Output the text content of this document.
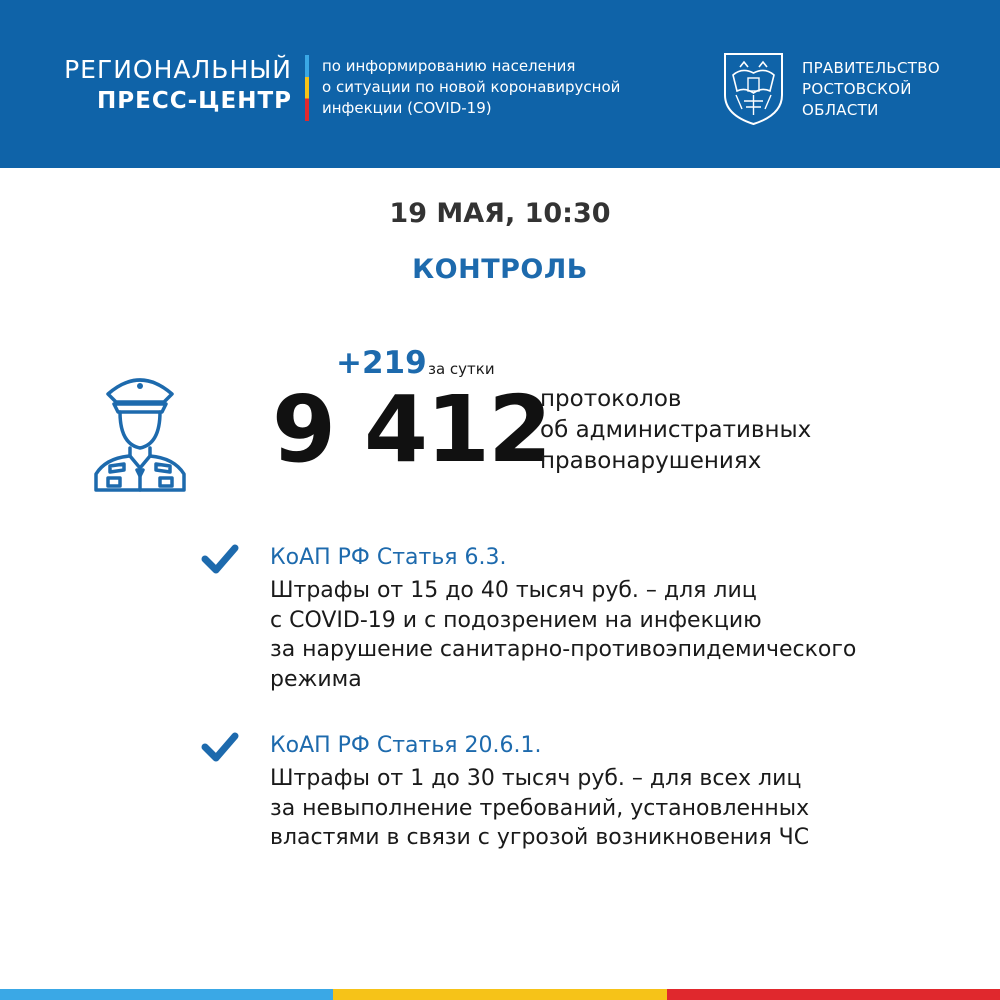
РЕГИОНАЛЬНЫЙ
ПРЕСС-ЦЕНТР
по информированию населения
о ситуации по новой коронавирусной
инфекции (COVID-19)
ПРАВИТЕЛЬСТВО
РОСТОВСКОЙ
ОБЛАСТИ
19 МАЯ, 10:30
КОНТРОЛЬ
+219 за сутки
9 412
протоколов
об административных
правонарушениях
КоАП РФ Статья 6.3.
Штрафы от 15 до 40 тысяч руб. – для лиц
с COVID-19 и с подозрением на инфекцию
за нарушение санитарно-противоэпидемического
режима
КоАП РФ Статья 20.6.1.
Штрафы от 1 до 30 тысяч руб. – для всех лиц
за невыполнение требований, установленных
властями в связи с угрозой возникновения ЧС
